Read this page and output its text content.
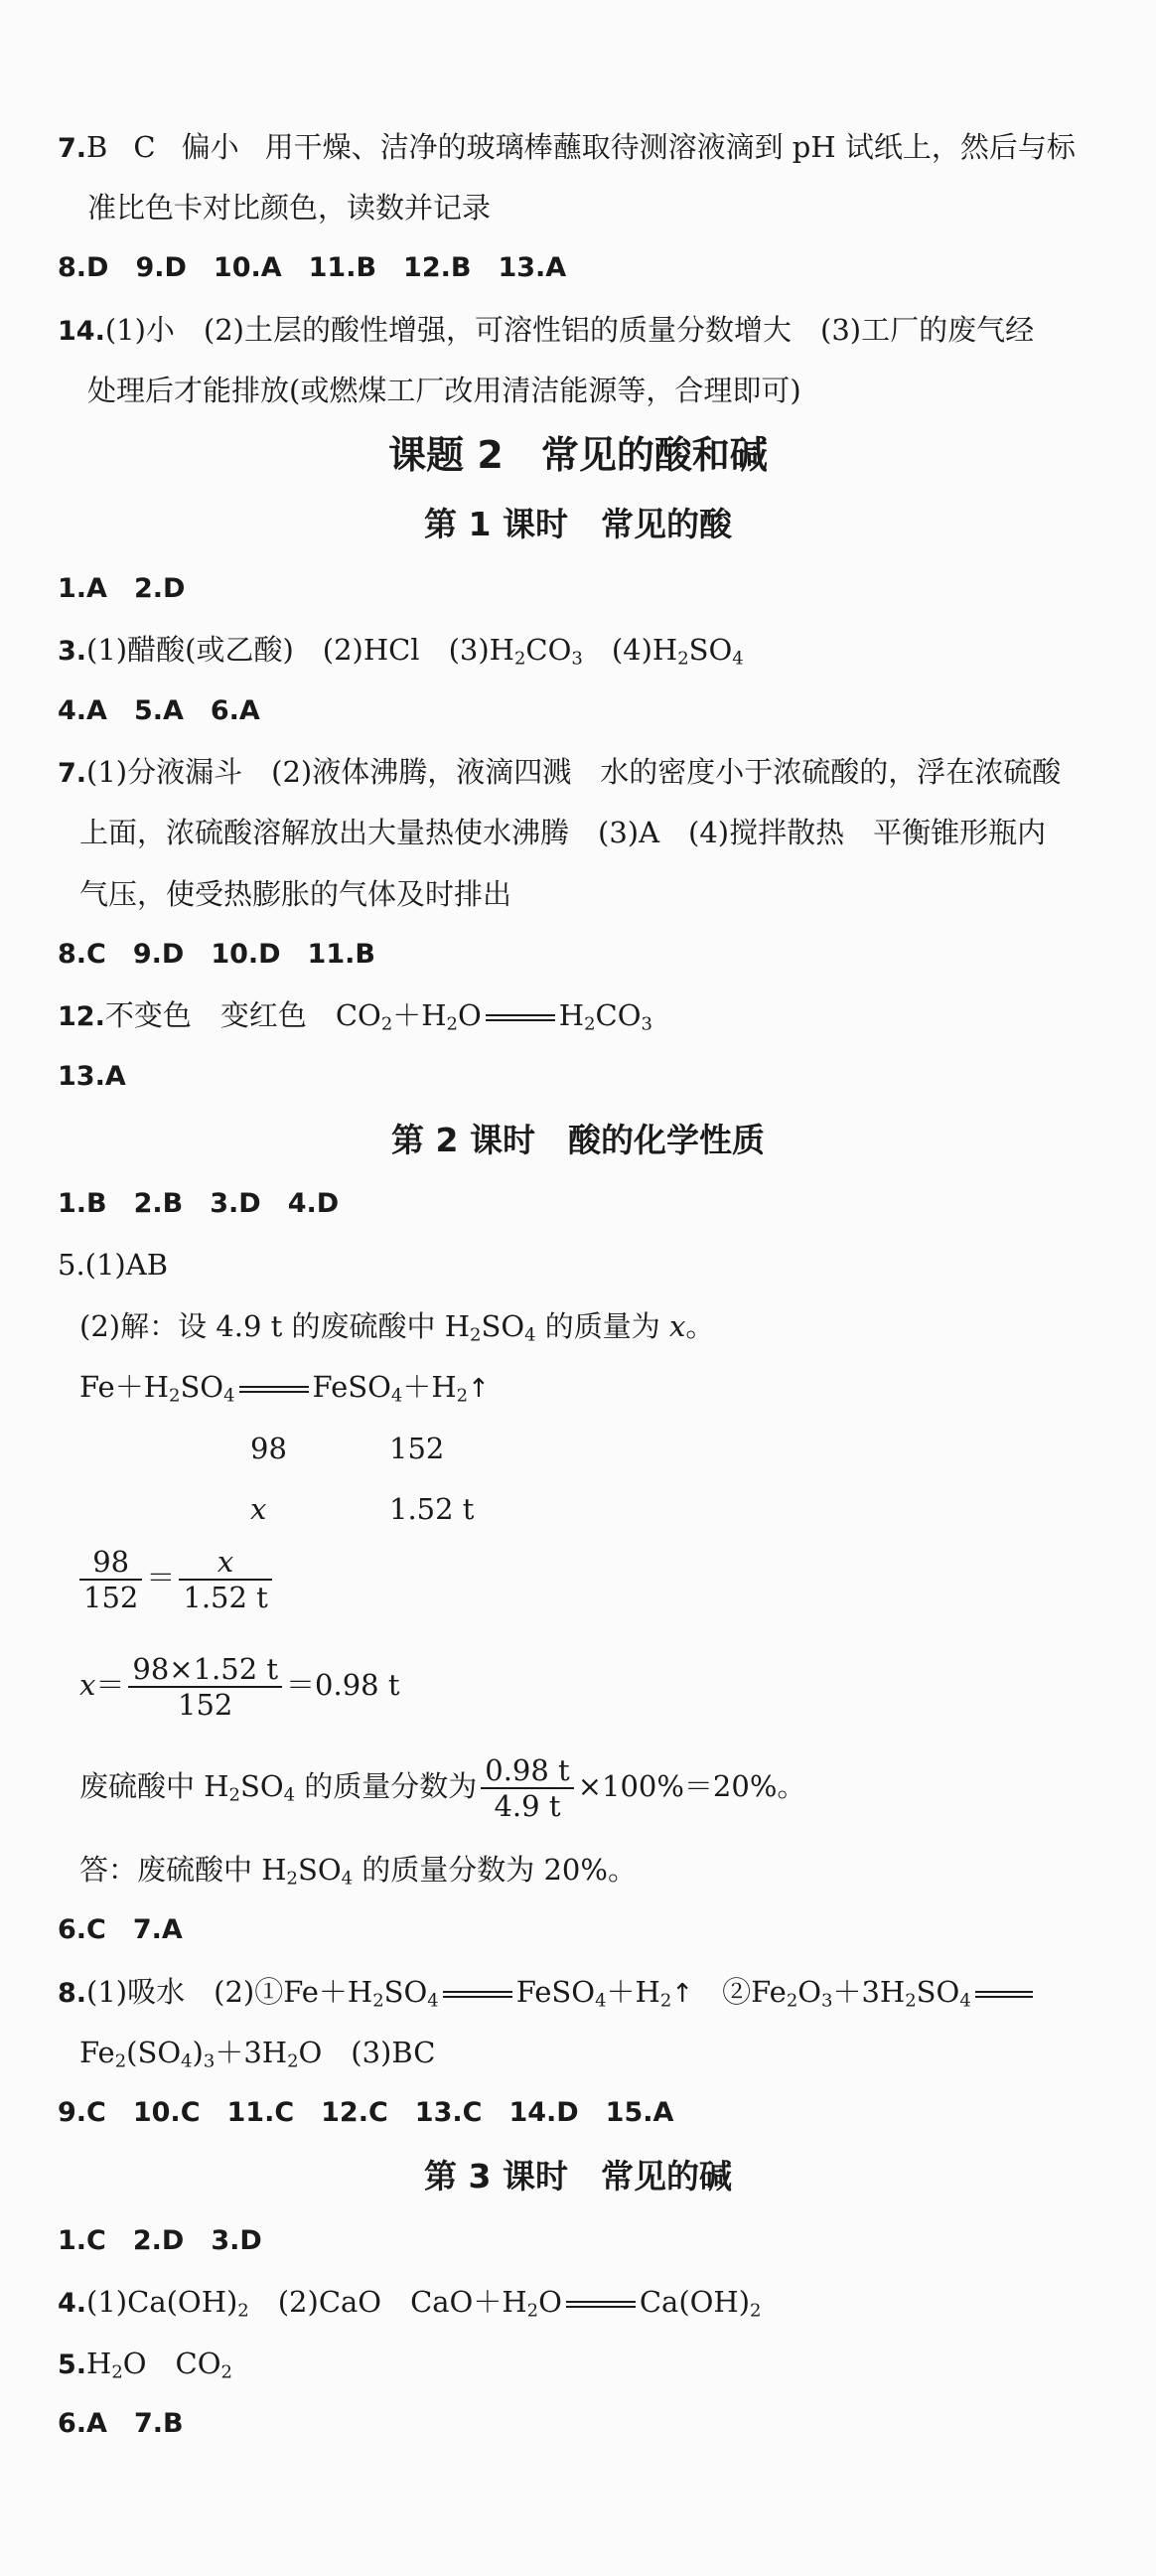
7.B C 偏小 用干燥、洁净的玻璃棒蘸取待测溶液滴到 pH 试纸上，然后与标
准比色卡对比颜色，读数并记录
8.D　9.D　10.A　11.B　12.B　13.A
14.(1)小　(2)土层的酸性增强，可溶性铝的质量分数增大　(3)工厂的废气经
处理后才能排放(或燃煤工厂改用清洁能源等，合理即可)
课题 2　常见的酸和碱
第 1 课时　常见的酸
1.A　2.D
3.(1)醋酸(或乙酸)　(2)HCl　$(3)H_2CO_3$　$(4)H_2SO_4$
4.A　5.A　6.A
7.(1)分液漏斗　(2)液体沸腾，液滴四溅　水的密度小于浓硫酸的，浮在浓硫酸
上面，浓硫酸溶解放出大量热使水沸腾　(3)A　(4)搅拌散热　平衡锥形瓶内
气压，使受热膨胀的气体及时排出
8.C　9.D　10.D　11.B
12.不变色　变红色　$CO_2+H_2O$	$H_2CO_3$
13.A
第 2 课时　酸的化学性质
1.B　2.B　3.D　4.D
5.(1)AB
(2)解：设 4.9 t 的废硫酸中 $H_2SO_4$ 的质量为 x。
$Fe+H_2SO_4$	$FeSO_4+H_2↑$
98	152
x	1.52 t
$\frac{98}{152} = \frac{x}{1.52 t}$
$x= \frac{98\times 1.52 t}{152} =0.98$ t
废硫酸中 $H_2SO_4$ 的质量分数为 $\frac{0.98 t}{4.9 t} \times 100\%=20\%$。
答：废硫酸中 $H_2SO_4$ 的质量分数为 20%。
6.C　7.A
8.(1)吸水　$(2)①Fe+H_2SO_4$	$FeSO_4+H_2↑$　$②Fe_2O_3+3H_2SO_4$
$Fe_2(SO_4)_3+3H_2O$　(3)BC
9.C　10.C　11.C　12.C　13.C　14.D　15.A
第 3 课时　常见的碱
1.C　2.D　3.D
$4.(1)Ca(OH)_2$　(2)CaO　$CaO+H_2O$	$Ca(OH)_2$
$5.H_2O$　$CO_2$
6.A　7.B
